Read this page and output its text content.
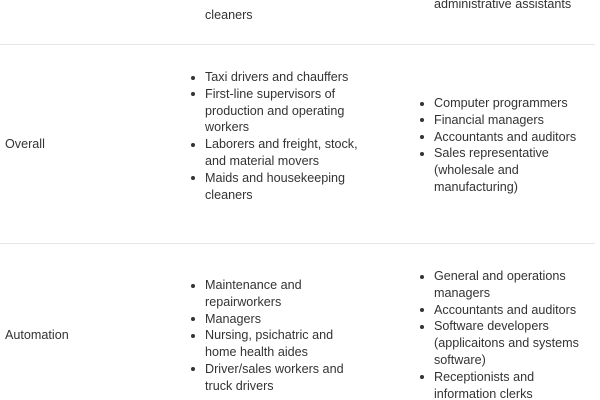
cleaners
administrative assistants

Overall

Taxi drivers and chauffers
First-line supervisors of production and operating workers
Laborers and freight, stock, and material movers
Maids and housekeeping cleaners
Computer programmers
Financial managers
Accountants and auditors
Sales representative (wholesale and manufacturing)

Automation

Maintenance and repairworkers
Managers
Nursing, psichatric and home health aides
Driver/sales workers and truck drivers
General and operations managers
Accountants and auditors
Software developers (applicaitons and systems software)
Receptionists and information clerks
